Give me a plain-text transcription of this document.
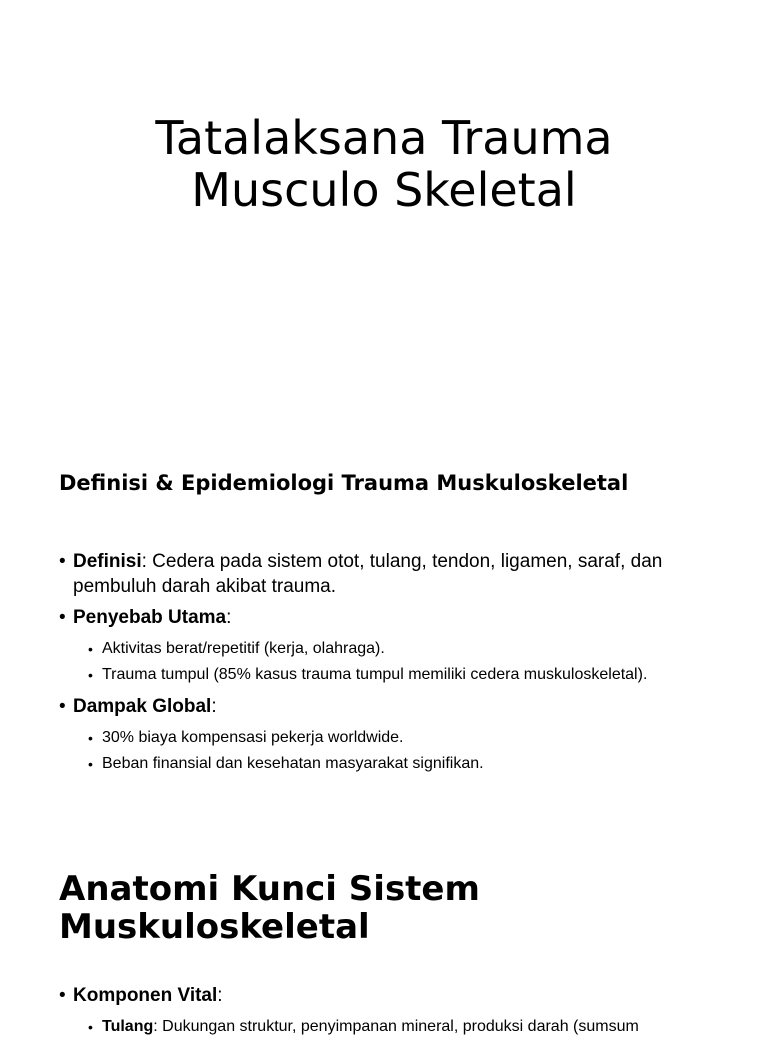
Tatalaksana Trauma
Musculo Skeletal
Definisi & Epidemiologi Trauma Muskuloskeletal
• Definisi: Cedera pada sistem otot, tulang, tendon, ligamen, saraf, dan pembuluh darah akibat trauma.
• Penyebab Utama:
• Aktivitas berat/repetitif (kerja, olahraga).
• Trauma tumpul (85% kasus trauma tumpul memiliki cedera muskuloskeletal).
• Dampak Global:
• 30% biaya kompensasi pekerja worldwide.
• Beban finansial dan kesehatan masyarakat signifikan.
Anatomi Kunci Sistem
Muskuloskeletal
• Komponen Vital:
• Tulang: Dukungan struktur, penyimpanan mineral, produksi darah (sumsum
